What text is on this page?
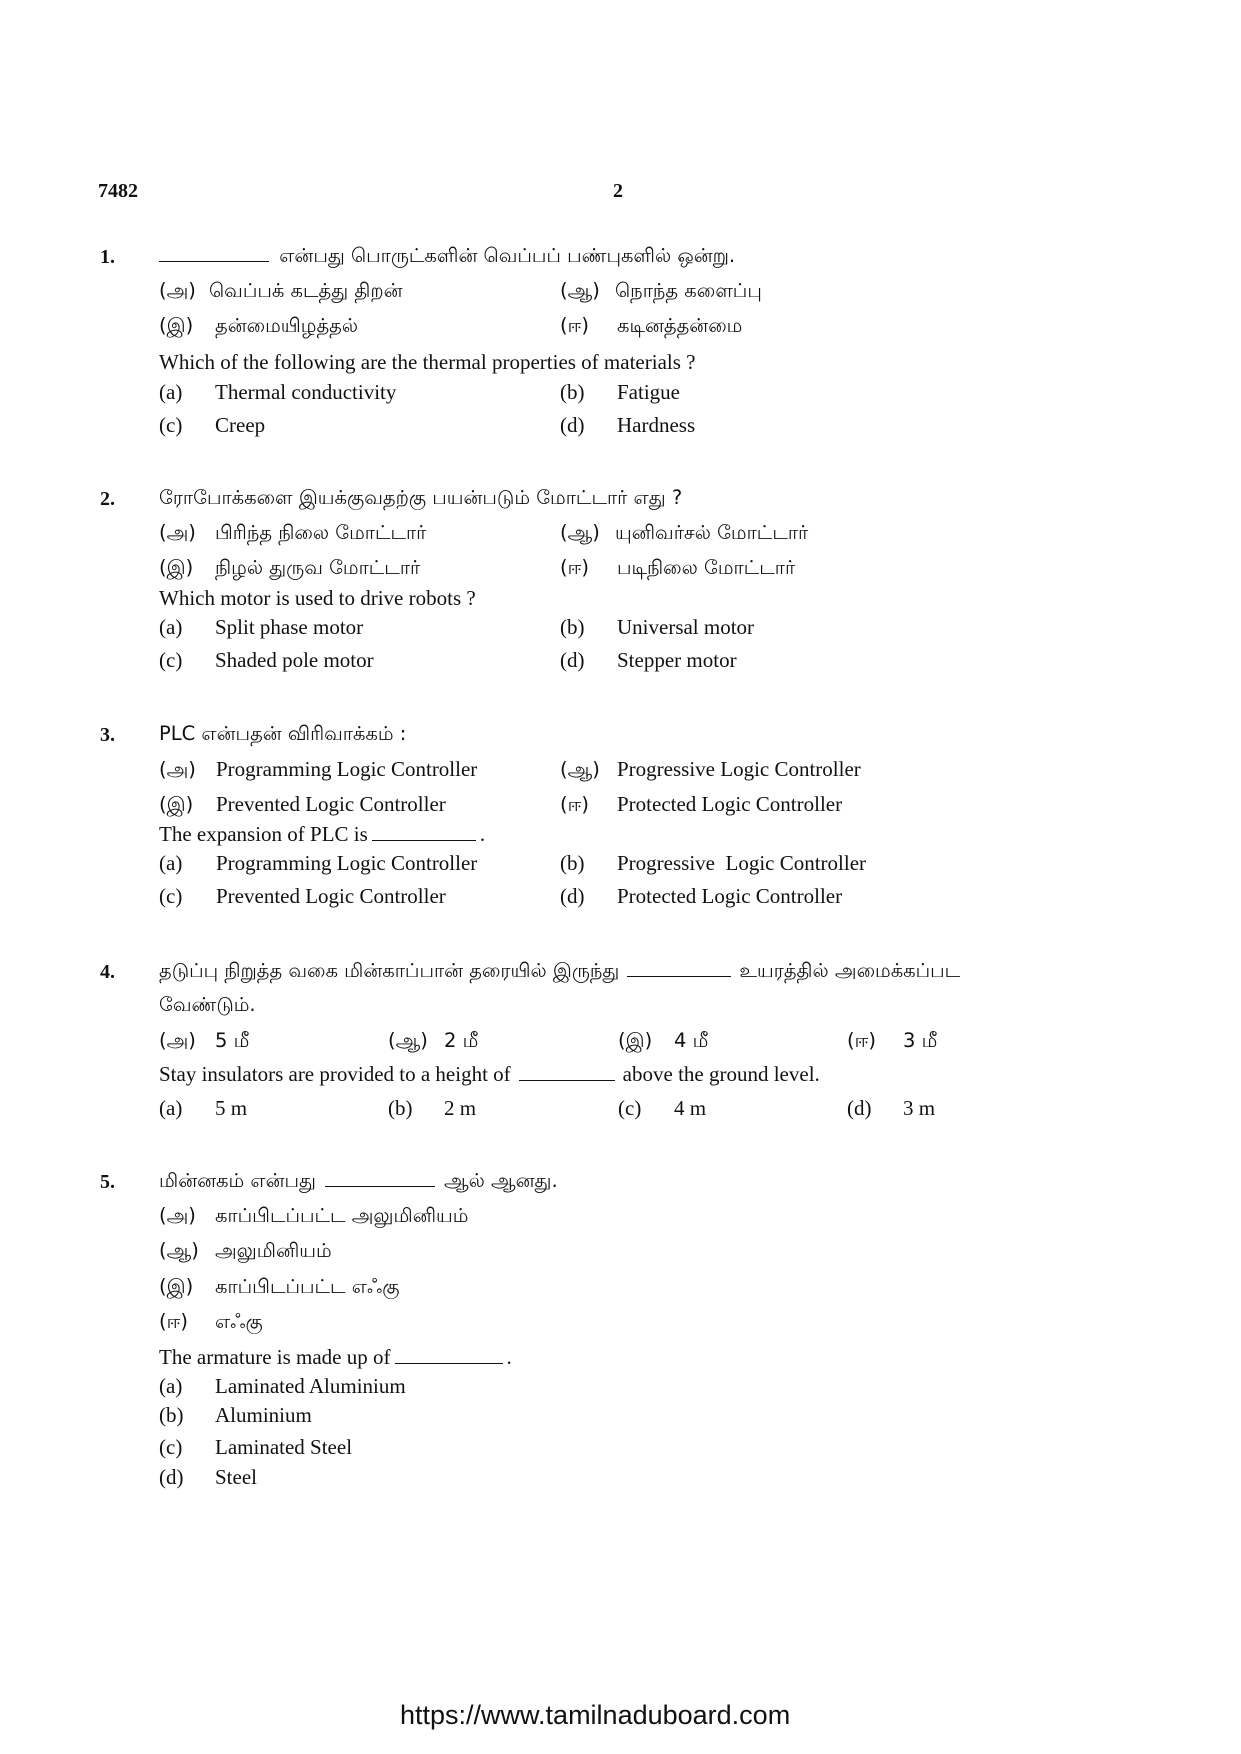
7482	2
1.	என்பது பொருட்களின் வெப்பப் பண்புகளில் ஒன்று.
(அ) வெப்பக் கடத்து திறன்	(ஆ) நொந்த களைப்பு
(இ) தன்மையிழத்தல்	(ஈ) கடினத்தன்மை
Which of the following are the thermal properties of materials ?
(a) Thermal conductivity	(b) Fatigue
(c) Creep	(d) Hardness
2. ரோபோக்களை இயக்குவதற்கு பயன்படும் மோட்டார் எது ?
(அ) பிரிந்த நிலை மோட்டார்	(ஆ) யுனிவர்சல் மோட்டார்
(இ) நிழல் துருவ மோட்டார்	(ஈ) படிநிலை மோட்டார்
Which motor is used to drive robots ?
(a) Split phase motor	(b) Universal motor
(c) Shaded pole motor	(d) Stepper motor
3. PLC என்பதன் விரிவாக்கம் :
(அ) Programming Logic Controller	(ஆ) Progressive Logic Controller
(இ) Prevented Logic Controller	(ஈ) Protected Logic Controller
The expansion of PLC is	.
(a) Programming Logic Controller	(b) Progressive  Logic Controller
(c) Prevented Logic Controller	(d) Protected Logic Controller
4. தடுப்பு நிறுத்த வகை மின்காப்பான் தரையில் இருந்து	உயரத்தில் அமைக்கப்பட
வேண்டும்.
(அ) 5 மீ	(ஆ) 2 மீ	(இ) 4 மீ	(ஈ) 3 மீ
Stay insulators are provided to a height of	above the ground level.
(a) 5 m	(b) 2 m	(c) 4 m	(d) 3 m
5. மின்னகம் என்பது	ஆல் ஆனது.
(அ) காப்பிடப்பட்ட அலுமினியம்
(ஆ) அலுமினியம்
(இ) காப்பிடப்பட்ட எஃகு
(ஈ) எஃகு
The armature is made up of	.
(a) Laminated Aluminium
(b) Aluminium
(c) Laminated Steel
(d) Steel
https://www.tamilnaduboard.com
